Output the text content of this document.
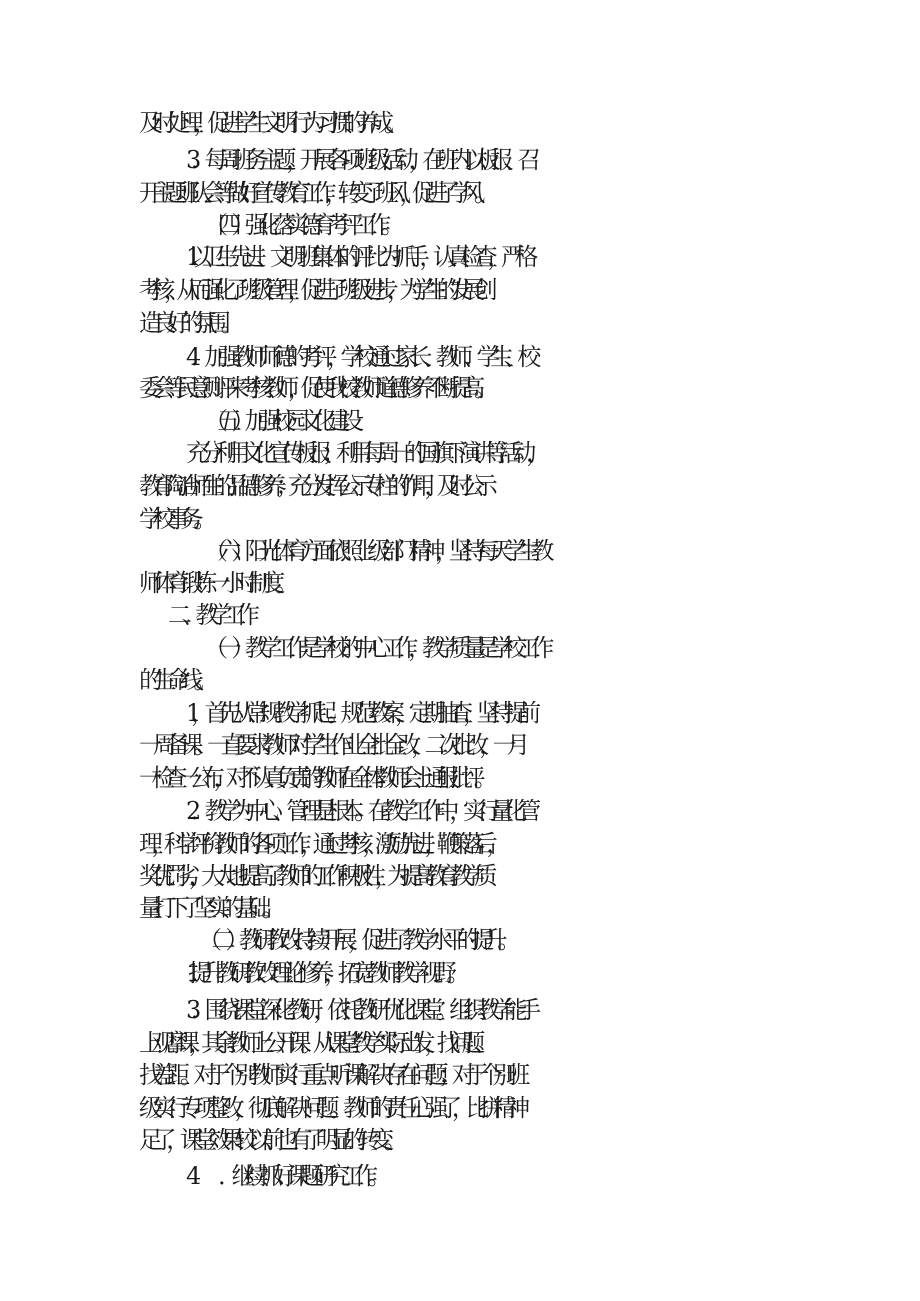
及时处理，促进学生文明行为习惯的养成。
3．每周班务主题，开展各项班级活动，在班内以板报、召
开主题班队会等做好宣传教育工作，转变了班风，促进了学风。
（四）强化落实德育考评工作。
1.以卫生先进、文明班集体的评比为抓手，认真检查，严格
考核，从而强化了班级管理，促进了班级进步，为学生的发展创
造良好的氛围。
4．加强教师师德的考评，学校通过家长、教师、学生、校
委会等民意测评来考核教师，促使我校教师道德修养不断提高。
（五）加强校园文化建设
充分利用文化宣传板报；利用每周一的国旗下演讲等活动，
教育陶冶师生的品德修养；充分发挥公示专栏的作用，及时公示
学校事务。
（六）阳光体育方面依照上级部门精神，坚持每天学生教
师体育锻炼一小时制度。
二、教学工作
（一）教学工作是学校的中心工作，教学质量是学校工作
的生命线。
1，首先从常规教学抓起。规范教案，定期抽查，坚持提前
一周备课。一直要求教师对学生作业全批全改，二次批改，一月
一检查一公布，对不认真负责的教师在全体教师会上通报批评。
2．教学为中心、管理是根本。在教学工作中，实行量化管
理，科学评价教师的各项工作，通过考核，激励先进，鞭策落后，
奖优罚劣，大大地提高了教师的工作积极性，为提高教育教学质
量打下了坚实的基础。
（二）教研教改持续开展，促进了教学水平的提升。
1.提升教研教改理论修养，拓宽教师教学视野。
3．围绕课堂深化教研，依托教研优化课堂。组织教学能手
上观摩课，其余教师上公开课。从课堂教学实际出发，找问题、
找差距。对于个别教师实行重点听课解决存在问题；对于个别班
级实行专项整改，彻底解决问题。教师的责任心强了，比拼精神
足了，课堂效果较以前也有了明显的转变。
4　　．继续抓好课题研究工作。
